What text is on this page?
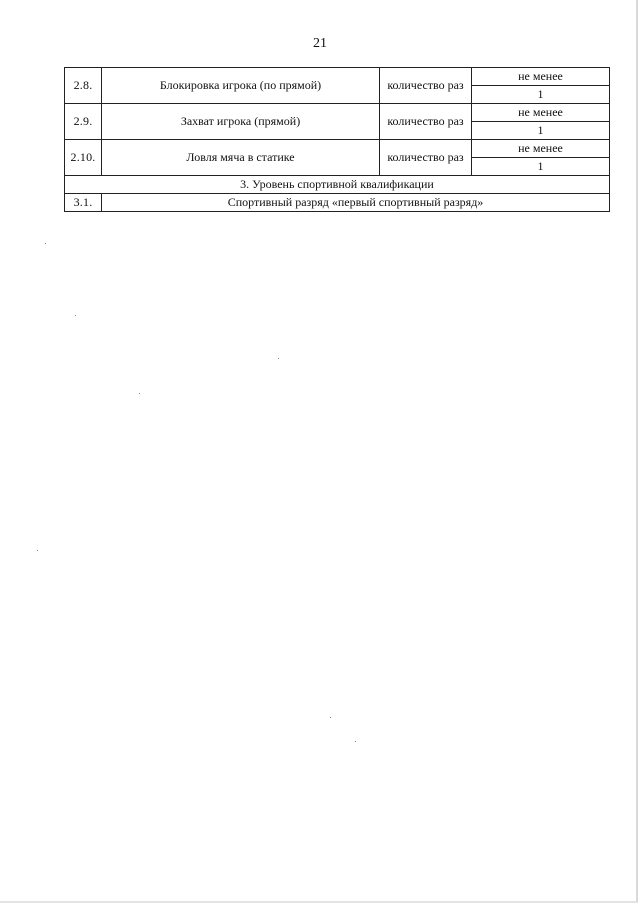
21
2.8.	Блокировка игрока (по прямой)	количество раз	не менее
			1
2.9.	Захват игрока (прямой)	количество раз	не менее
			1
2.10.	Ловля мяча в статике	количество раз	не менее
			1
3. Уровень спортивной квалификации			
3.1.	Спортивный разряд «первый спортивный разряд»		
